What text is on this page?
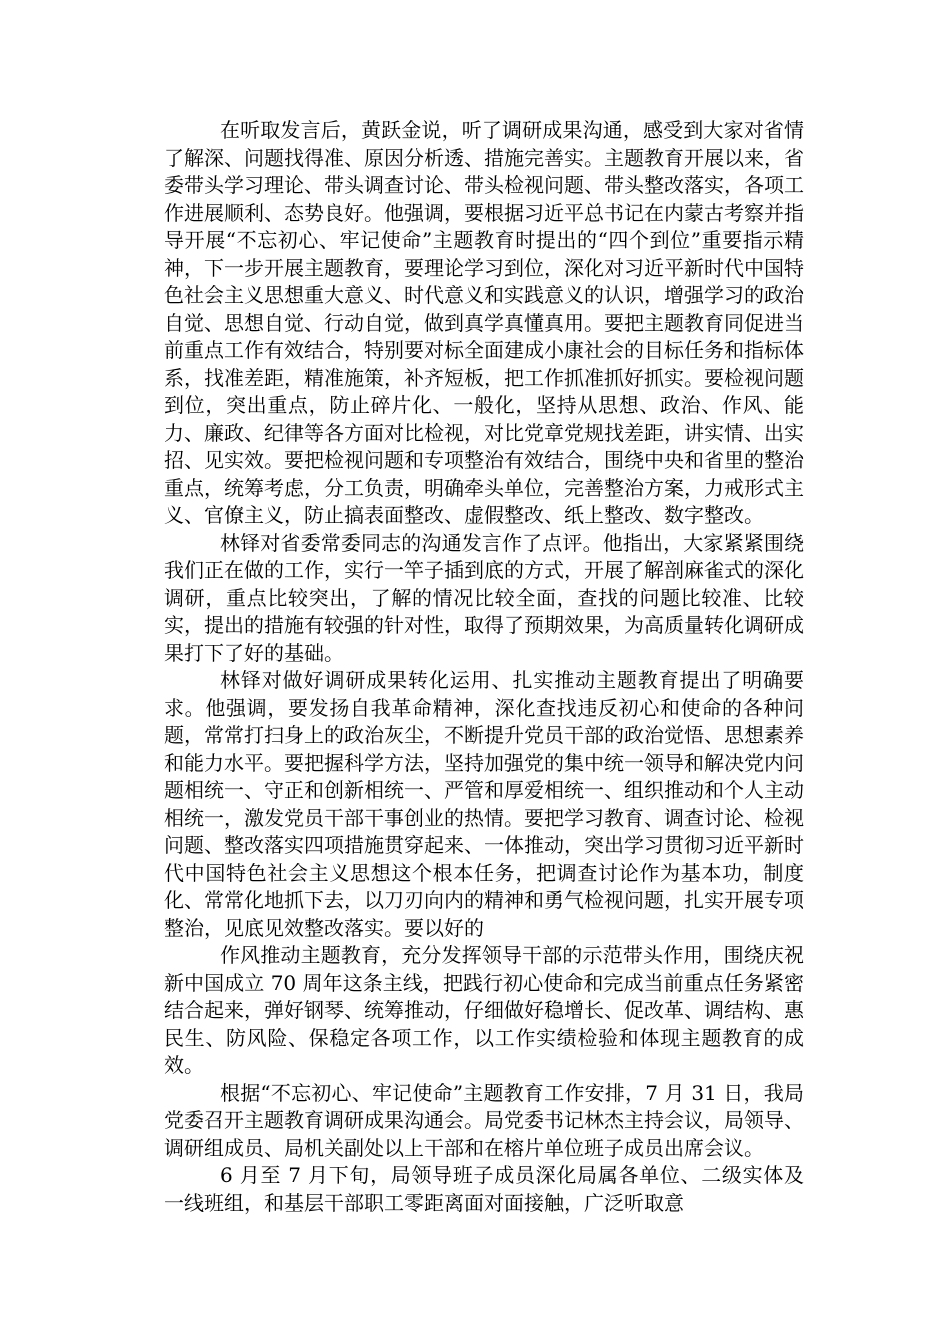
在听取发言后，黄跃金说，听了调研成果沟通，感受到大家对省情了解深、问题找得准、原因分析透、措施完善实。主题教育开展以来，省委带头学习理论、带头调查讨论、带头检视问题、带头整改落实，各项工作进展顺利、态势良好。他强调，要根据习近平总书记在内蒙古考察并指导开展“不忘初心、牢记使命”主题教育时提出的“四个到位”重要指示精神，下一步开展主题教育，要理论学习到位，深化对习近平新时代中国特色社会主义思想重大意义、时代意义和实践意义的认识，增强学习的政治自觉、思想自觉、行动自觉，做到真学真懂真用。要把主题教育同促进当前重点工作有效结合，特别要对标全面建成小康社会的目标任务和指标体系，找准差距，精准施策，补齐短板，把工作抓准抓好抓实。要检视问题到位，突出重点，防止碎片化、一般化，坚持从思想、政治、作风、能力、廉政、纪律等各方面对比检视，对比党章党规找差距，讲实情、出实招、见实效。要把检视问题和专项整治有效结合，围绕中央和省里的整治重点，统筹考虑，分工负责，明确牵头单位，完善整治方案，力戒形式主义、官僚主义，防止搞表面整改、虚假整改、纸上整改、数字整改。

林铎对省委常委同志的沟通发言作了点评。他指出，大家紧紧围绕我们正在做的工作，实行一竿子插到底的方式，开展了解剖麻雀式的深化调研，重点比较突出，了解的情况比较全面，查找的问题比较准、比较实，提出的措施有较强的针对性，取得了预期效果，为高质量转化调研成果打下了好的基础。

林铎对做好调研成果转化运用、扎实推动主题教育提出了明确要求。他强调，要发扬自我革命精神，深化查找违反初心和使命的各种问题，常常打扫身上的政治灰尘，不断提升党员干部的政治觉悟、思想素养和能力水平。要把握科学方法，坚持加强党的集中统一领导和解决党内问题相统一、守正和创新相统一、严管和厚爱相统一、组织推动和个人主动相统一，激发党员干部干事创业的热情。要把学习教育、调查讨论、检视问题、整改落实四项措施贯穿起来、一体推动，突出学习贯彻习近平新时代中国特色社会主义思想这个根本任务，把调查讨论作为基本功，制度化、常常化地抓下去，以刀刃向内的精神和勇气检视问题，扎实开展专项整治，见底见效整改落实。要以好的

作风推动主题教育，充分发挥领导干部的示范带头作用，围绕庆祝新中国成立 70 周年这条主线，把践行初心使命和完成当前重点任务紧密结合起来，弹好钢琴、统筹推动，仔细做好稳增长、促改革、调结构、惠民生、防风险、保稳定各项工作，以工作实绩检验和体现主题教育的成效。

根据“不忘初心、牢记使命”主题教育工作安排，7 月 31 日，我局党委召开主题教育调研成果沟通会。局党委书记林杰主持会议，局领导、调研组成员、局机关副处以上干部和在榕片单位班子成员出席会议。

6 月至 7 月下旬，局领导班子成员深化局属各单位、二级实体及一线班组，和基层干部职工零距离面对面接触，广泛听取意
